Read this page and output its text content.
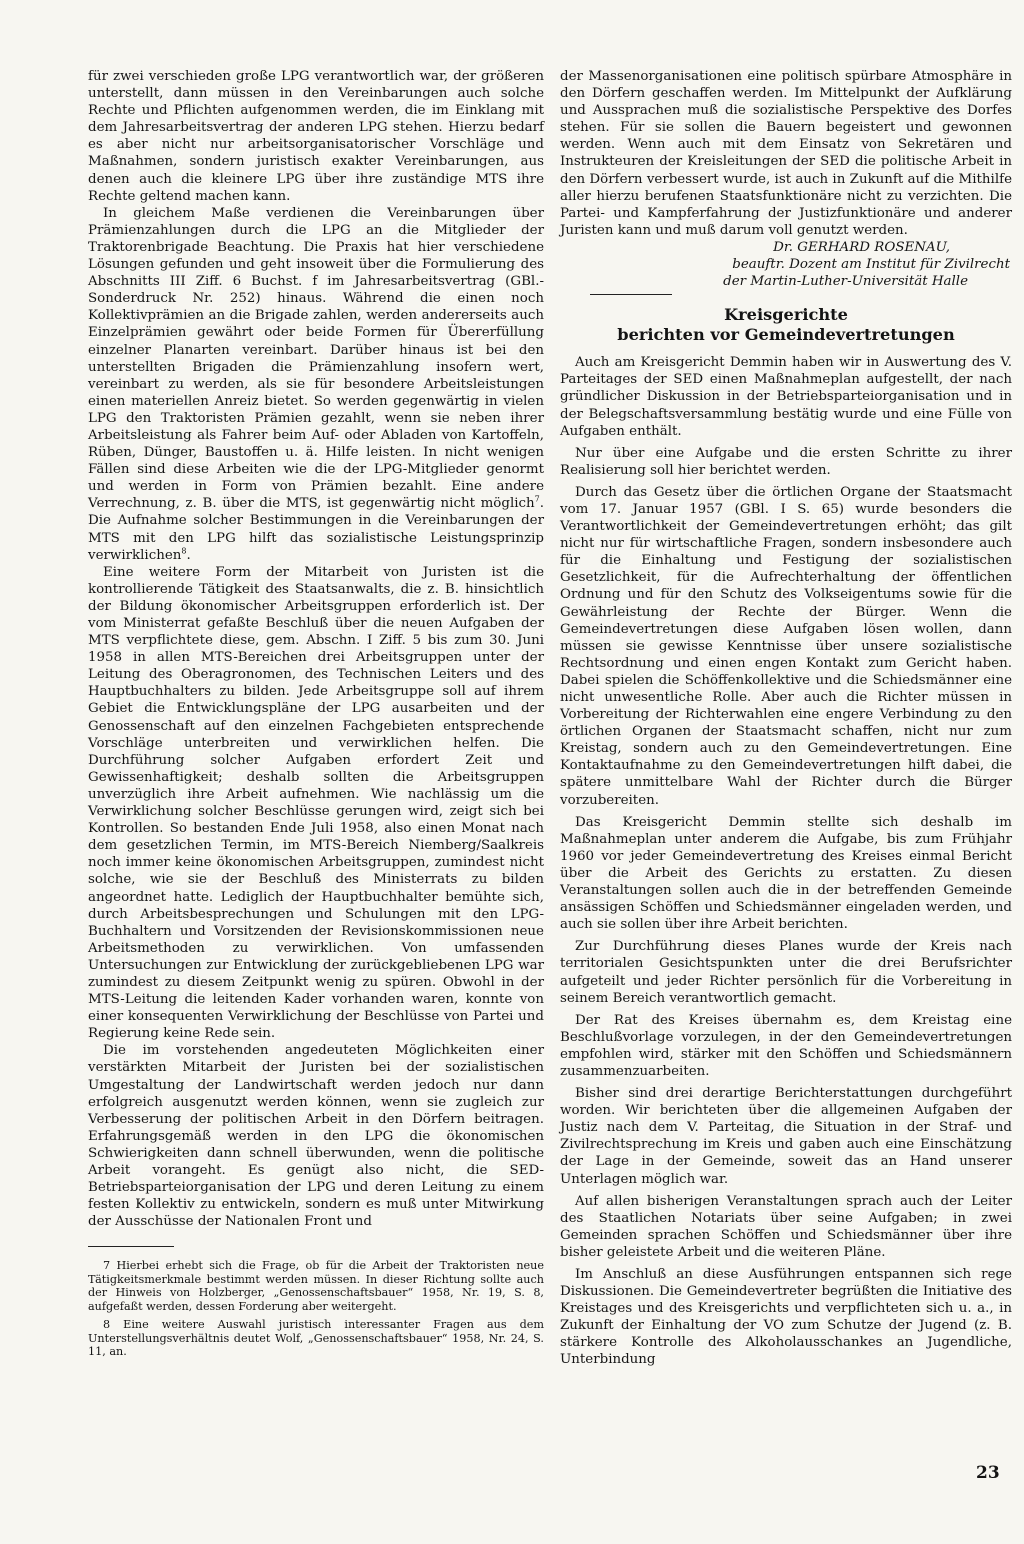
für zwei verschieden große LPG verantwortlich war, der größeren unterstellt, dann müssen in den Vereinbarungen auch solche Rechte und Pflichten aufgenommen werden, die im Einklang mit dem Jahresarbeitsvertrag der anderen LPG stehen. Hierzu bedarf es aber nicht nur arbeitsorganisatorischer Vorschläge und Maßnahmen, sondern juristisch exakter Vereinbarungen, aus denen auch die kleinere LPG über ihre zuständige MTS ihre Rechte geltend machen kann.

In gleichem Maße verdienen die Vereinbarungen über Prämienzahlungen durch die LPG an die Mitglieder der Traktorenbrigade Beachtung. Die Praxis hat hier verschiedene Lösungen gefunden und geht insoweit über die Formulierung des Abschnitts III Ziff. 6 Buchst. f im Jahresarbeitsvertrag (GBl.-Sonderdruck Nr. 252) hinaus. Während die einen noch Kollektivprämien an die Brigade zahlen, werden andererseits auch Einzelprämien gewährt oder beide Formen für Übererfüllung einzelner Planarten vereinbart. Darüber hinaus ist bei den unterstellten Brigaden die Prämienzahlung insofern wert, vereinbart zu werden, als sie für besondere Arbeitsleistungen einen materiellen Anreiz bietet. So werden gegenwärtig in vielen LPG den Traktoristen Prämien gezahlt, wenn sie neben ihrer Arbeitsleistung als Fahrer beim Auf- oder Abladen von Kartoffeln, Rüben, Dünger, Baustoffen u. ä. Hilfe leisten. In nicht wenigen Fällen sind diese Arbeiten wie die der LPG-Mitglieder genormt und werden in Form von Prämien bezahlt. Eine andere Verrechnung, z. B. über die MTS, ist gegenwärtig nicht möglich$^7$. Die Aufnahme solcher Bestimmungen in die Vereinbarungen der MTS mit den LPG hilft das sozialistische Leistungsprinzip verwirklichen$^8$.

Eine weitere Form der Mitarbeit von Juristen ist die kontrollierende Tätigkeit des Staatsanwalts, die z. B. hinsichtlich der Bildung ökonomischer Arbeitsgruppen erforderlich ist. Der vom Ministerrat gefaßte Beschluß über die neuen Aufgaben der MTS verpflichtete diese, gem. Abschn. I Ziff. 5 bis zum 30. Juni 1958 in allen MTS-Bereichen drei Arbeitsgruppen unter der Leitung des Oberagronomen, des Technischen Leiters und des Hauptbuchhalters zu bilden. Jede Arbeitsgruppe soll auf ihrem Gebiet die Entwicklungspläne der LPG ausarbeiten und der Genossenschaft auf den einzelnen Fachgebieten entsprechende Vorschläge unterbreiten und verwirklichen helfen. Die Durchführung solcher Aufgaben erfordert Zeit und Gewissenhaftigkeit; deshalb sollten die Arbeitsgruppen unverzüglich ihre Arbeit aufnehmen. Wie nachlässig um die Verwirklichung solcher Beschlüsse gerungen wird, zeigt sich bei Kontrollen. So bestanden Ende Juli 1958, also einen Monat nach dem gesetzlichen Termin, im MTS-Bereich Niemberg/Saalkreis noch immer keine ökonomischen Arbeitsgruppen, zumindest nicht solche, wie sie der Beschluß des Ministerrats zu bilden angeordnet hatte. Lediglich der Hauptbuchhalter bemühte sich, durch Arbeitsbesprechungen und Schulungen mit den LPG-Buchhaltern und Vorsitzenden der Revisionskommissionen neue Arbeitsmethoden zu verwirklichen. Von umfassenden Untersuchungen zur Entwicklung der zurückgebliebenen LPG war zumindest zu diesem Zeitpunkt wenig zu spüren. Obwohl in der MTS-Leitung die leitenden Kader vorhanden waren, konnte von einer konsequenten Verwirklichung der Beschlüsse von Partei und Regierung keine Rede sein.

Die im vorstehenden angedeuteten Möglichkeiten einer verstärkten Mitarbeit der Juristen bei der sozialistischen Umgestaltung der Landwirtschaft werden jedoch nur dann erfolgreich ausgenutzt werden können, wenn sie zugleich zur Verbesserung der politischen Arbeit in den Dörfern beitragen. Erfahrungsgemäß werden in den LPG die ökonomischen Schwierigkeiten dann schnell überwunden, wenn die politische Arbeit vorangeht. Es genügt also nicht, die SED-Betriebsparteiorganisation der LPG und deren Leitung zu einem festen Kollektiv zu entwickeln, sondern es muß unter Mitwirkung der Ausschüsse der Nationalen Front und

7 Hierbei erhebt sich die Frage, ob für die Arbeit der Traktoristen neue Tätigkeitsmerkmale bestimmt werden müssen. In dieser Richtung sollte auch der Hinweis von Holzberger, „Genossenschaftsbauer“ 1958, Nr. 19, S. 8, aufgefaßt werden, dessen Forderung aber weitergeht.
8 Eine weitere Auswahl juristisch interessanter Fragen aus dem Unterstellungsverhältnis deutet Wolf, „Genossenschaftsbauer“ 1958, Nr. 24, S. 11, an.

der Massenorganisationen eine politisch spürbare Atmosphäre in den Dörfern geschaffen werden. Im Mittelpunkt der Aufklärung und Aussprachen muß die sozialistische Perspektive des Dorfes stehen. Für sie sollen die Bauern begeistert und gewonnen werden. Wenn auch mit dem Einsatz von Sekretären und Instrukteuren der Kreisleitungen der SED die politische Arbeit in den Dörfern verbessert wurde, ist auch in Zukunft auf die Mithilfe aller hierzu berufenen Staatsfunktionäre nicht zu verzichten. Die Partei- und Kampferfahrung der Justizfunktionäre und anderer Juristen kann und muß darum voll genutzt werden.

Dr. GERHARD ROSENAU,
beauftr. Dozent am Institut für Zivilrecht
der Martin-Luther-Universität Halle
Kreisgerichte
berichten vor Gemeindevertretungen

Auch am Kreisgericht Demmin haben wir in Auswertung des V. Parteitages der SED einen Maßnahmeplan aufgestellt, der nach gründlicher Diskussion in der Betriebsparteiorganisation und in der Belegschaftsversammlung bestätig wurde und eine Fülle von Aufgaben enthält.

Nur über eine Aufgabe und die ersten Schritte zu ihrer Realisierung soll hier berichtet werden.

Durch das Gesetz über die örtlichen Organe der Staatsmacht vom 17. Januar 1957 (GBl. I S. 65) wurde besonders die Verantwortlichkeit der Gemeindevertretungen erhöht; das gilt nicht nur für wirtschaftliche Fragen, sondern insbesondere auch für die Einhaltung und Festigung der sozialistischen Gesetzlichkeit, für die Aufrechterhaltung der öffentlichen Ordnung und für den Schutz des Volkseigentums sowie für die Gewährleistung der Rechte der Bürger. Wenn die Gemeindevertretungen diese Aufgaben lösen wollen, dann müssen sie gewisse Kenntnisse über unsere sozialistische Rechtsordnung und einen engen Kontakt zum Gericht haben. Dabei spielen die Schöffenkollektive und die Schiedsmänner eine nicht unwesentliche Rolle. Aber auch die Richter müssen in Vorbereitung der Richterwahlen eine engere Verbindung zu den örtlichen Organen der Staatsmacht schaffen, nicht nur zum Kreistag, sondern auch zu den Gemeindevertretungen. Eine Kontaktaufnahme zu den Gemeindevertretungen hilft dabei, die spätere unmittelbare Wahl der Richter durch die Bürger vorzubereiten.

Das Kreisgericht Demmin stellte sich deshalb im Maßnahmeplan unter anderem die Aufgabe, bis zum Frühjahr 1960 vor jeder Gemeindevertretung des Kreises einmal Bericht über die Arbeit des Gerichts zu erstatten. Zu diesen Veranstaltungen sollen auch die in der betreffenden Gemeinde ansässigen Schöffen und Schiedsmänner eingeladen werden, und auch sie sollen über ihre Arbeit berichten.

Zur Durchführung dieses Planes wurde der Kreis nach territorialen Gesichtspunkten unter die drei Berufsrichter aufgeteilt und jeder Richter persönlich für die Vorbereitung in seinem Bereich verantwortlich gemacht.

Der Rat des Kreises übernahm es, dem Kreistag eine Beschlußvorlage vorzulegen, in der den Gemeindevertretungen empfohlen wird, stärker mit den Schöffen und Schiedsmännern zusammenzuarbeiten.

Bisher sind drei derartige Berichterstattungen durchgeführt worden. Wir berichteten über die allgemeinen Aufgaben der Justiz nach dem V. Parteitag, die Situation in der Straf- und Zivilrechtsprechung im Kreis und gaben auch eine Einschätzung der Lage in der Gemeinde, soweit das an Hand unserer Unterlagen möglich war.

Auf allen bisherigen Veranstaltungen sprach auch der Leiter des Staatlichen Notariats über seine Aufgaben; in zwei Gemeinden sprachen Schöffen und Schiedsmänner über ihre bisher geleistete Arbeit und die weiteren Pläne.

Im Anschluß an diese Ausführungen entspannen sich rege Diskussionen. Die Gemeindevertreter begrüßten die Initiative des Kreistages und des Kreisgerichts und verpflichteten sich u. a., in Zukunft der Einhaltung der VO zum Schutze der Jugend (z. B. stärkere Kontrolle des Alkoholausschankes an Jugendliche, Unterbindung

23
